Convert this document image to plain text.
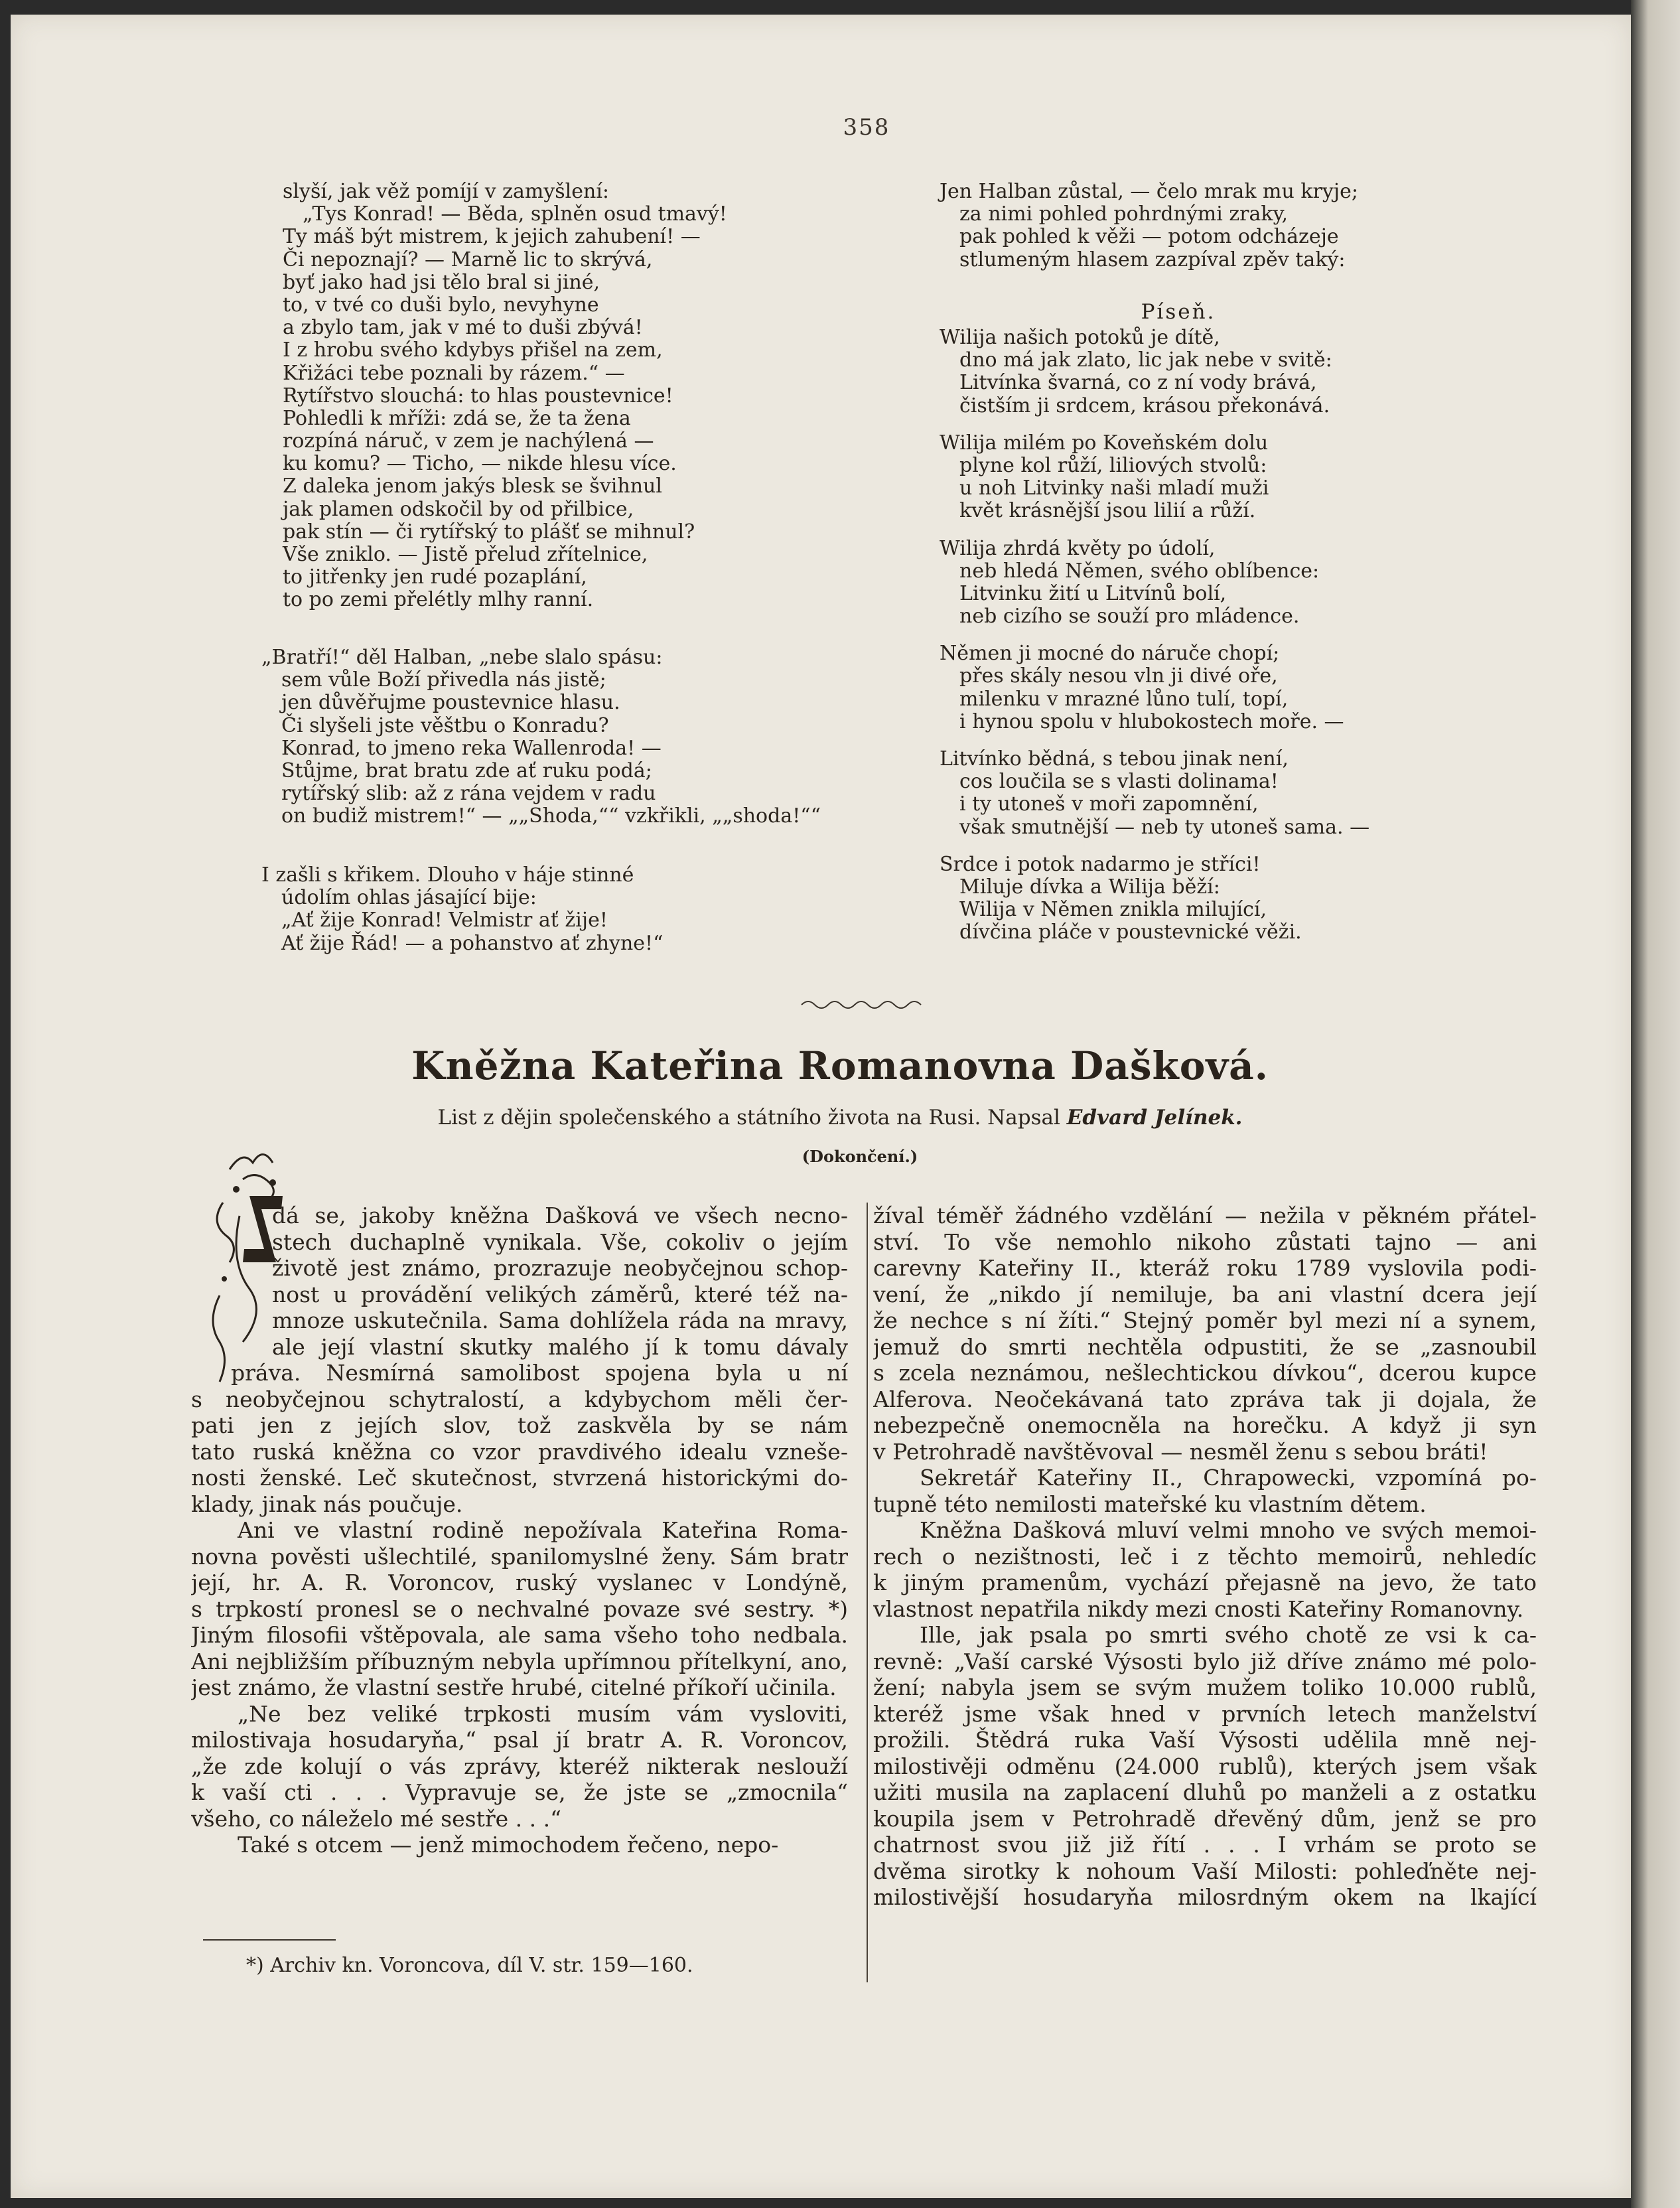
358
slyší, jak věž pomíjí v zamyšlení:
„Tys Konrad! — Běda, splněn osud tmavý!
Ty máš být mistrem, k jejich zahubení! —
Či nepoznají? — Marně lic to skrývá,
byť jako had jsi tělo bral si jiné,
to, v tvé co duši bylo, nevyhyne
a zbylo tam, jak v mé to duši zbývá!
I z hrobu svého kdybys přišel na zem,
Křižáci tebe poznali by rázem.“ —
Rytířstvo slouchá: to hlas poustevnice!
Pohledli k mříži: zdá se, že ta žena
rozpíná náruč, v zem je nachýlená —
ku komu? — Ticho, — nikde hlesu více.
Z daleka jenom jakýs blesk se švihnul
jak plamen odskočil by od přilbice,
pak stín — či rytířský to plášť se mihnul?
Vše zniklo. — Jistě přelud zřítelnice,
to jitřenky jen rudé pozaplání,
to po zemi přelétly mlhy ranní.
„Bratří!“ děl Halban, „nebe slalo spásu:
sem vůle Boží přivedla nás jistě;
jen důvěřujme poustevnice hlasu.
Či slyšeli jste věštbu o Konradu?
Konrad, to jmeno reka Wallenroda! —
Stůjme, brat bratu zde ať ruku podá;
rytířský slib: až z rána vejdem v radu
on budiž mistrem!“ — „„Shoda,““ vzkřikli, „„shoda!““
I zašli s křikem. Dlouho v háje stinné
údolím ohlas jásající bije:
„Ať žije Konrad! Velmistr ať žije!
Ať žije Řád! — a pohanstvo ať zhyne!“
Jen Halban zůstal, — čelo mrak mu kryje;
za nimi pohled pohrdnými zraky,
pak pohled k věži — potom odcházeje
stlumeným hlasem zazpíval zpěv taký:
Píseň.
Wilija našich potoků je dítě,
dno má jak zlato, lic jak nebe v svitě:
Litvínka švarná, co z ní vody brává,
čistším ji srdcem, krásou překonává.
Wilija milém po Koveňském dolu
plyne kol růží, liliových stvolů:
u noh Litvinky naši mladí muži
květ krásnější jsou lilií a růží.
Wilija zhrdá květy po údolí,
neb hledá Němen, svého oblíbence:
Litvinku žití u Litvínů bolí,
neb cizího se souží pro mládence.
Němen ji mocné do náruče chopí;
přes skály nesou vln ji divé oře,
milenku v mrazné lůno tulí, topí,
i hynou spolu v hlubokostech moře. —
Litvínko bědná, s tebou jinak není,
cos loučila se s vlasti dolinama!
i ty utoneš v moři zapomnění,
však smutnější — neb ty utoneš sama. —
Srdce i potok nadarmo je stříci!
Miluje dívka a Wilija běží:
Wilija v Němen znikla milující,
dívčina pláče v poustevnické věži.
Kněžna Kateřina Romanovna Dašková.
List z dějin společenského a státního života na Rusi. Napsal Edvard Jelínek.
(Dokončení.)
dá se, jakoby kněžna Dašková ve všech necno-
stech duchaplně vynikala. Vše, cokoliv o jejím
životě jest známo, prozrazuje neobyčejnou schop-
nost u provádění velikých záměrů, které též na-
mnoze uskutečnila. Sama dohlížela ráda na mravy,
ale její vlastní skutky malého jí k tomu dávaly
práva. Nesmírná samolibost spojena byla u ní
s neobyčejnou schytralostí, a kdybychom měli čer-
pati jen z jejích slov, tož zaskvěla by se nám
tato ruská kněžna co vzor pravdivého idealu vzneše-
nosti ženské. Leč skutečnost, stvrzená historickými do-
klady, jinak nás poučuje.
Ani ve vlastní rodině nepožívala Kateřina Roma-
novna pověsti ušlechtilé, spanilomyslné ženy. Sám bratr
její, hr. A. R. Voroncov, ruský vyslanec v Londýně,
s trpkostí pronesl se o nechvalné povaze své sestry. *)
Jiným filosofii vštěpovala, ale sama všeho toho nedbala.
Ani nejbližším příbuzným nebyla upřímnou přítelkyní, ano,
jest známo, že vlastní sestře hrubé, citelné příkoří učinila.
„Ne bez veliké trpkosti musím vám vysloviti,
milostivaja hosudaryňa,“ psal jí bratr A. R. Voroncov,
„že zde kolují o vás zprávy, kteréž nikterak neslouží
k vaší cti . . . Vypravuje se, že jste se „zmocnila“
všeho, co náleželo mé sestře . . .“
Také s otcem — jenž mimochodem řečeno, nepo-
žíval téměř žádného vzdělání — nežila v pěkném přátel-
ství. To vše nemohlo nikoho zůstati tajno — ani
carevny Kateřiny II., kteráž roku 1789 vyslovila podi-
vení, že „nikdo jí nemiluje, ba ani vlastní dcera její
že nechce s ní žíti.“ Stejný poměr byl mezi ní a synem,
jemuž do smrti nechtěla odpustiti, že se „zasnoubil
s zcela neznámou, nešlechtickou dívkou“, dcerou kupce
Alferova. Neočekávaná tato zpráva tak ji dojala, že
nebezpečně onemocněla na horečku. A když ji syn
v Petrohradě navštěvoval — nesměl ženu s sebou bráti!
Sekretář Kateřiny II., Chrapowecki, vzpomíná po-
tupně této nemilosti mateřské ku vlastním dětem.
Kněžna Dašková mluví velmi mnoho ve svých memoi-
rech o nezištnosti, leč i z těchto memoirů, nehledíc
k jiným pramenům, vychází přejasně na jevo, že tato
vlastnost nepatřila nikdy mezi cnosti Kateřiny Romanovny.
Ille, jak psala po smrti svého chotě ze vsi k ca-
revně: „Vaší carské Výsosti bylo již dříve známo mé polo-
žení; nabyla jsem se svým mužem toliko 10.000 rublů,
kteréž jsme však hned v prvních letech manželství
prožili. Štědrá ruka Vaší Výsosti udělila mně nej-
milostivěji odměnu (24.000 rublů), kterých jsem však
užiti musila na zaplacení dluhů po manželi a z ostatku
koupila jsem v Petrohradě dřevěný dům, jenž se pro
chatrnost svou již již řítí . . . I vrhám se proto se
dvěma sirotky k nohoum Vaší Milosti: pohleďněte nej-
milostivější hosudaryňa milosrdným okem na lkající
*) Archiv kn. Voroncova, díl V. str. 159—160.
